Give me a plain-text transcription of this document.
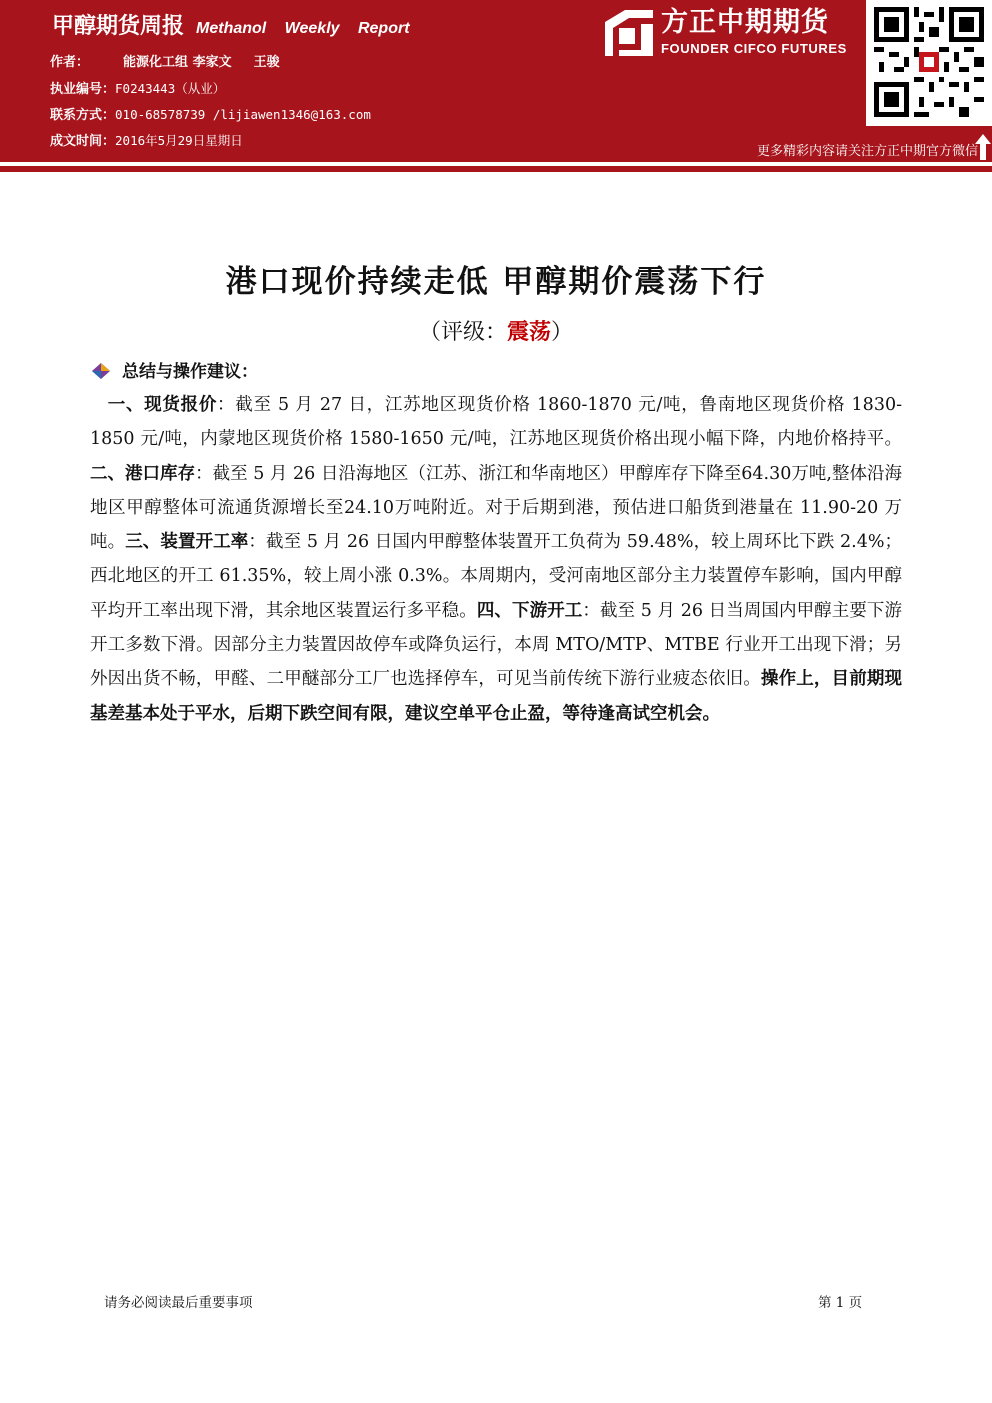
甲醇期货周报 Methanol Weekly Report
作者：	能源化工组 李家文 王骏
执业编号：F0243443（从业）
联系方式：010-68578739 /lijiawen1346@163.com
成文时间：2016年5月29日星期日
方正中期期货
FOUNDER CIFCO FUTURES
更多精彩内容请关注方正中期官方微信
港口现价持续走低 甲醇期价震荡下行
（评级：震荡）
总结与操作建议：
一、现货报价：截至 5 月 27 日，江苏地区现货价格 1860-1870 元/吨，鲁南地区现货价格 1830- 1850 元/吨，内蒙地区现货价格 1580-1650 元/吨，江苏地区现货价格出现小幅下降，内地价格持平。二、港口库存：截至 5 月 26 日沿海地区（江苏、浙江和华南地区）甲醇库存下降至64.30万吨,整体沿海地区甲醇整体可流通货源增长至24.10万吨附近。对于后期到港，预估进口船货到港量在 11.90-20 万吨。三、装置开工率：截至 5 月 26 日国内甲醇整体装置开工负荷为 59.48%，较上周环比下跌 2.4%；西北地区的开工 61.35%，较上周小涨 0.3%。本周期内，受河南地区部分主力装置停车影响，国内甲醇平均开工率出现下滑，其余地区装置运行多平稳。四、下游开工：截至 5 月 26 日当周国内甲醇主要下游开工多数下滑。因部分主力装置因故停车或降负运行，本周 MTO/MTP、MTBE 行业开工出现下滑；另外因出货不畅，甲醛、二甲醚部分工厂也选择停车，可见当前传统下游行业疲态依旧。操作上，目前期现基差基本处于平水，后期下跌空间有限，建议空单平仓止盈，等待逢高试空机会。
请务必阅读最后重要事项	第 1 页
